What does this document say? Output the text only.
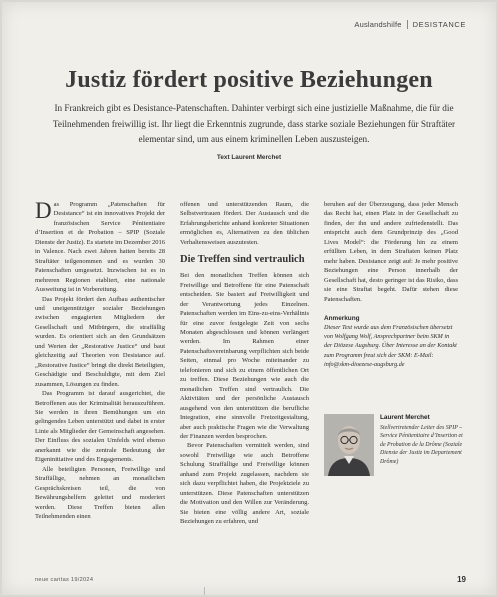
Auslandshilfe DESISTANCE
Justiz fördert positive Beziehungen

In Frankreich gibt es Desistance-Patenschaften. Dahinter verbirgt sich eine justizielle Maßnahme, die für die Teilnehmenden freiwillig ist. Ihr liegt die Erkenntnis zugrunde, dass starke soziale Beziehungen für Straftäter elementar sind, um aus einem kriminellen Leben auszusteigen.

Text Laurent Merchet

Das Programm „Patenschaften für Desistance“ ist ein innovatives Projekt der französischen Service Pénitentiaire d’Insertion et de Probation – SPIP (Soziale Dienste der Justiz). Es startete im Dezember 2016 in Valence. Nach zwei Jahren hatten bereits 28 Straftäter teilgenommen und es wurden 30 Patenschaften umgesetzt. Inzwischen ist es in mehreren Regionen etabliert, eine nationale Ausweitung ist in Vorbereitung.

Das Projekt fördert den Aufbau authentischer und uneigennütziger sozialer Beziehungen zwischen engagierten Mitgliedern der Gesellschaft und Mitbürgern, die straffällig wurden. Es orientiert sich an den Grundsätzen und Werten der „Restorative Justice“ und baut gleichzeitig auf Theorien von Desistance auf. „Restorative Justice“ bringt die direkt Beteiligten, Geschädigte und Beschuldigte, mit dem Ziel zusammen, Lösungen zu finden.

Das Programm ist darauf ausgerichtet, die Betroffenen aus der Kriminalität herauszuführen. Sie werden in ihren Bemühungen um ein gelingendes Leben unterstützt und dabei in erster Linie als Mitglieder der Gemeinschaft angesehen. Der Einfluss des sozialen Umfelds wird ebenso anerkannt wie die zentrale Bedeutung der Eigeninitiative und des Engagements.

Alle beteiligten Personen, Freiwillige und Straffällige, nehmen an monatlichen Gesprächskreisen teil, die von Bewährungshelfern geleitet und moderiert werden. Diese Treffen bieten allen Teilnehmenden einen

offenen und unterstützenden Raum, die Selbstvertrauen fördert. Der Austausch und die Erfahrungsberichte anhand konkreter Situationen ermöglichen es, Alternativen zu den üblichen Verhaltensweisen auszutesten.

Die Treffen sind vertraulich

Bei den monatlichen Treffen können sich Freiwillige und Betroffene für eine Patenschaft entscheiden. Sie basiert auf Freiwilligkeit und der Verantwortung jedes Einzelnen. Patenschaften werden im Eins-zu-eins-Verhältnis für eine zuvor festgelegte Zeit von sechs Monaten abgeschlossen und können verlängert werden. Im Rahmen einer Patenschaftsvereinbarung verpflichten sich beide Seiten, einmal pro Woche miteinander zu telefonieren und sich zu einem öffentlichen Ort zu treffen. Diese Beziehungen wie auch die monatlichen Treffen sind vertraulich. Die Aktivitäten und der persönliche Austausch ausgehend von den unterstützen die berufliche Integration, eine sinnvolle Freizeitgestaltung, aber auch praktische Fragen wie die Verwaltung der Finanzen werden besprochen.

Bevor Patenschaften vermittelt werden, sind sowohl Freiwillige wie auch Betroffene Schulung Straffällige und Freiwillige können anhand zum Projekt zugelassen, nachdem sie sich dazu verpflichtet haben, die Projektziele zu unterstützen. Diese Patenschaften unterstützen die Motivation und den Willen zur Veränderung. Sie bieten eine völlig andere Art, soziale Beziehungen zu erfahren, und

beruhen auf der Überzeugung, dass jeder Mensch das Recht hat, einen Platz in der Gesellschaft zu finden, der ihn und andere zufriedenstellt. Das entspricht auch dem Grundprinzip des „Good Lives Model“: die Förderung hin zu einem erfüllten Leben, in dem Straftaten keinen Platz mehr haben. Desistance zeigt auf: Je mehr positive Beziehungen eine Person innerhalb der Gesellschaft hat, desto geringer ist das Risiko, dass sie eine Straftat begeht. Dafür stehen diese Patenschaften.

Anmerkung

Dieser Text wurde aus dem Französischen übersetzt von Wolfgang Wolf, Ansprechpartner beim SKM in der Diözese Augsburg. Über Interesse an der Kontakt zum Programm freut sich der SKM: E-Mail: info@skm-dioezese-augsburg.de

Laurent Merchet
Stellvertretender Leiter des SPIP – Service Pénitentiaire d’Insertion et de Probation de la Drôme (Soziale Dienste der Justiz im Departement Drôme)
neue caritas 19/2024	19
